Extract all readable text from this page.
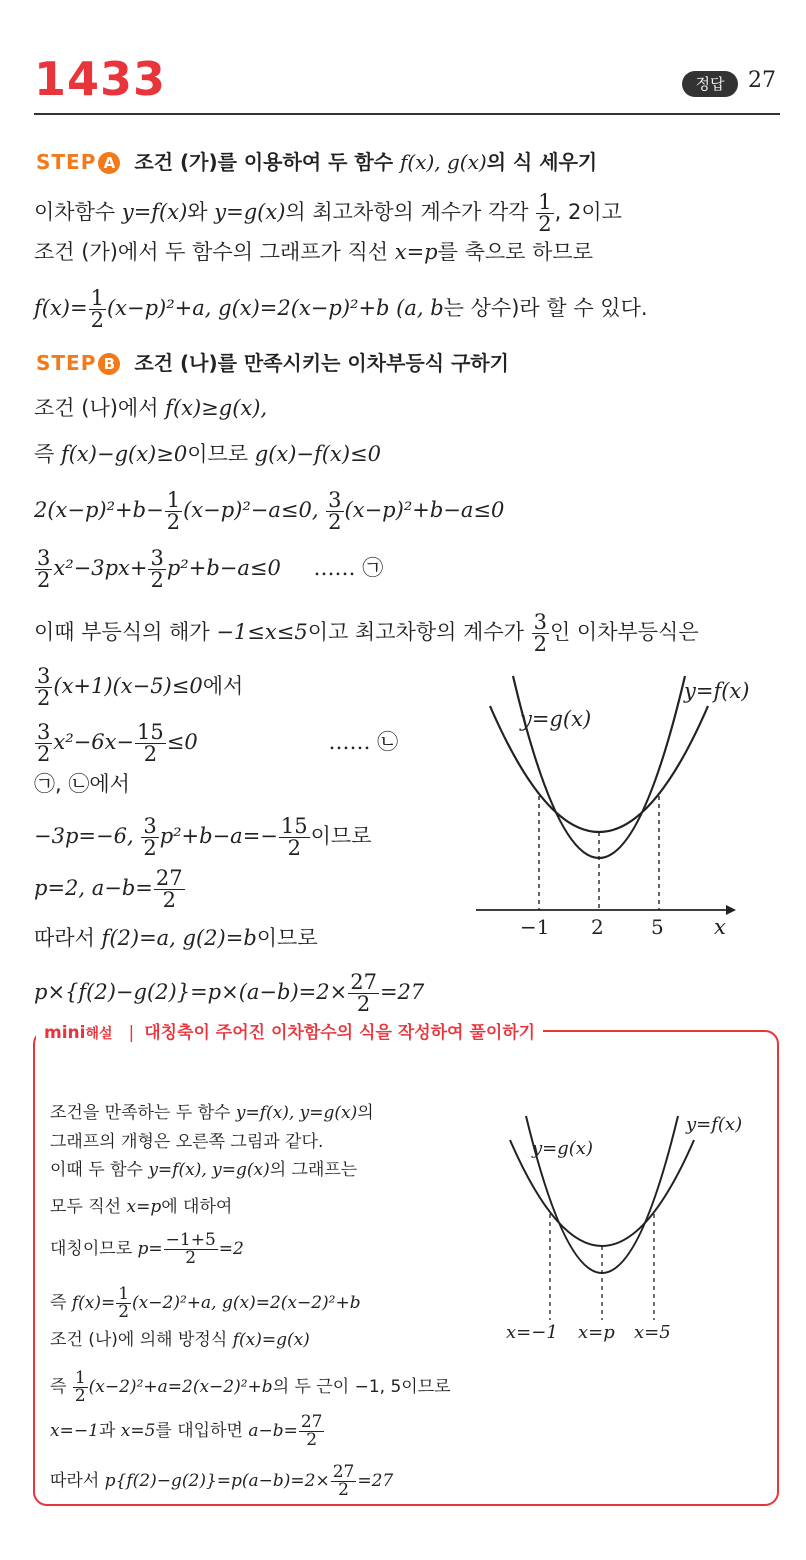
1433	정답	27
STEP A 조건 (가)를 이용하여 두 함수 f(x), g(x)의 식 세우기
이차함수 y=f(x)와 y=g(x)의 최고차항의 계수가 각각 $\frac{1}{2}$ , 2이고
조건 (가)에서 두 함수의 그래프가 직선 x=p를 축으로 하므로
$f(x)= \frac{1}{2} (x-p)^2+a$, g(x)=2(x−p)²+b (a, b는 상수)라 할 수 있다.
STEP B 조건 (나)를 만족시키는 이차부등식 구하기
조건 (나)에서 f(x)≥g(x),
즉 f(x)−g(x)≥0이므로 g(x)−f(x)≤0
$2(x-p)^2+b- \frac{1}{2} (x-p)^2-a\le 0$, $\frac{3}{2} (x-p)^2+b-a\le 0$
$\frac{3}{2} x^2-3px+ \frac{3}{2} p^2+b-a\le 0$ …… ㉠
이때 부등식의 해가 −1≤x≤5이고 최고차항의 계수가 $\frac{3}{2}$ 인 이차부등식은
$\frac{3}{2} (x+1)(x-5)\le 0$에서
$\frac{3}{2} x^2-6x- \frac{15}{2} \le 0$	…… ㉡
㉠, ㉡에서
−3p=−6, $\frac{3}{2} p^2+b-a=- \frac{15}{2}$ 이므로
p=2, $a-b= \frac{27}{2}$
따라서 f(2)=a, g(2)=b이므로
$p\times\{f(2)-g(2)\}=p\times(a-b)=2\times \frac{27}{2} =27$
y=f(x)
y=g(x)
−1 2 5 x
mini해설 | 대칭축이 주어진 이차함수의 식을 작성하여 풀이하기
조건을 만족하는 두 함수 y=f(x), y=g(x)의
그래프의 개형은 오른쪽 그림과 같다.
이때 두 함수 y=f(x), y=g(x)의 그래프는
모두 직선 x=p에 대하여
대칭이므로 $p= \frac{-1+5}{2} =2$
즉 $f(x)= \frac{1}{2} (x-2)^2+a$, g(x)=2(x−2)²+b
조건 (나)에 의해 방정식 f(x)=g(x)
즉 $\frac{1}{2} (x-2)^2+a=2(x-2)^2+b$의 두 근이 −1, 5이므로
x=−1과 x=5를 대입하면 $a-b= \frac{27}{2}$
따라서 $p\{f(2)-g(2)\}=p(a-b)=2\times \frac{27}{2} =27$
y=f(x)
y=g(x)
x=−1 x=p x=5
